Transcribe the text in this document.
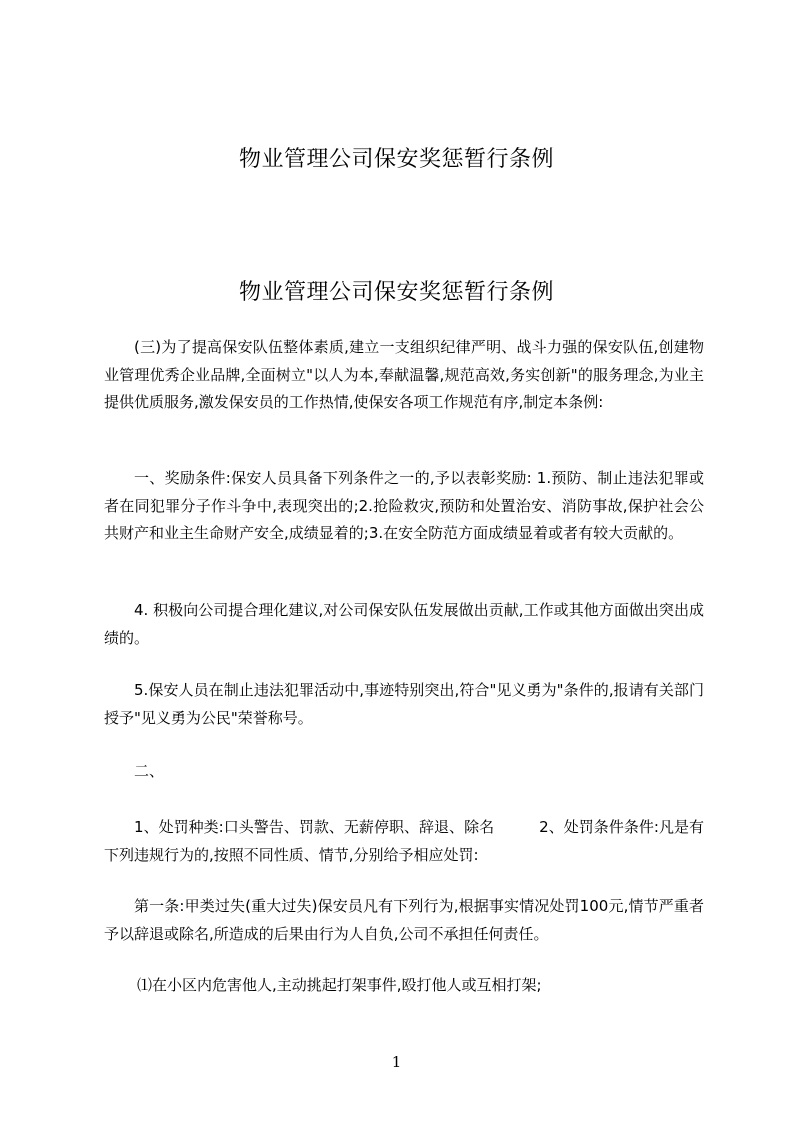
物业管理公司保安奖惩暂行条例
物业管理公司保安奖惩暂行条例

(三)为了提高保安队伍整体素质,建立一支组织纪律严明、战斗力强的保安队伍,创建物业管理优秀企业品牌,全面树立"以人为本,奉献温馨,规范高效,务实创新"的服务理念,为业主提供优质服务,激发保安员的工作热情,使保安各项工作规范有序,制定本条例:

一、奖励条件:保安人员具备下列条件之一的,予以表彰奖励: 1.预防、制止违法犯罪或者在同犯罪分子作斗争中,表现突出的;2.抢险救灾,预防和处置治安、消防事故,保护社会公共财产和业主生命财产安全,成绩显着的;3.在安全防范方面成绩显着或者有较大贡献的。

4. 积极向公司提合理化建议,对公司保安队伍发展做出贡献,工作或其他方面做出突出成绩的。

5.保安人员在制止违法犯罪活动中,事迹特别突出,符合"见义勇为"条件的,报请有关部门授予"见义勇为公民"荣誉称号。

二、

1、处罚种类:口头警告、罚款、无薪停职、辞退、除名　　　2、处罚条件条件:凡是有下列违规行为的,按照不同性质、情节,分别给予相应处罚:

第一条:甲类过失(重大过失)保安员凡有下列行为,根据事实情况处罚100元,情节严重者予以辞退或除名,所造成的后果由行为人自负,公司不承担任何责任。

⑴在小区内危害他人,主动挑起打架事件,殴打他人或互相打架;

1
